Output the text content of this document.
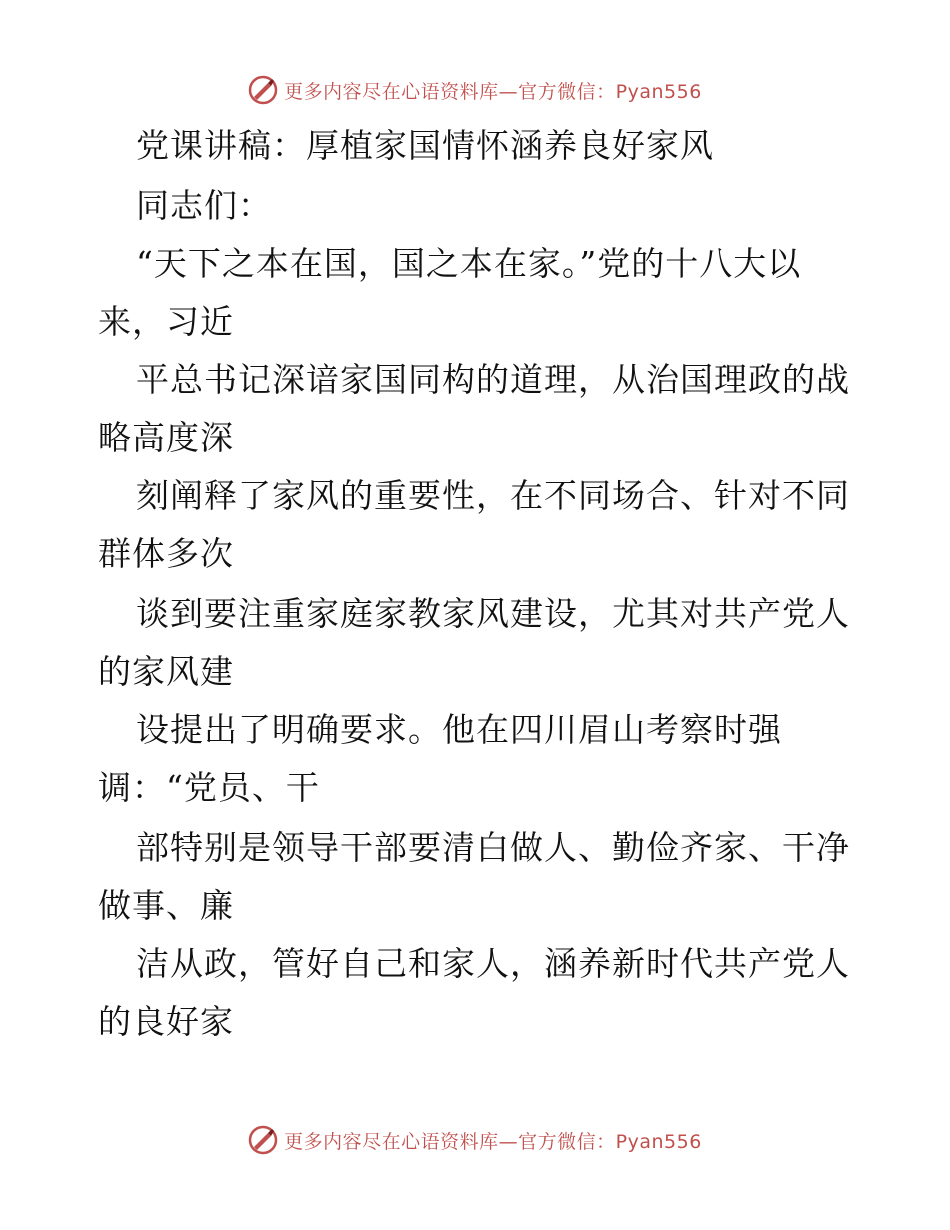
更多内容尽在心语资料库—官方微信：Pyan556
党课讲稿：厚植家国情怀涵养良好家风
同志们：
“天下之本在国，国之本在家。”党的十八大以
来，习近
平总书记深谙家国同构的道理，从治国理政的战
略高度深
刻阐释了家风的重要性，在不同场合、针对不同
群体多次
谈到要注重家庭家教家风建设，尤其对共产党人
的家风建
设提出了明确要求。他在四川眉山考察时强
调：“党员、干
部特别是领导干部要清白做人、勤俭齐家、干净
做事、廉
洁从政，管好自己和家人，涵养新时代共产党人
的良好家
更多内容尽在心语资料库—官方微信：Pyan556
